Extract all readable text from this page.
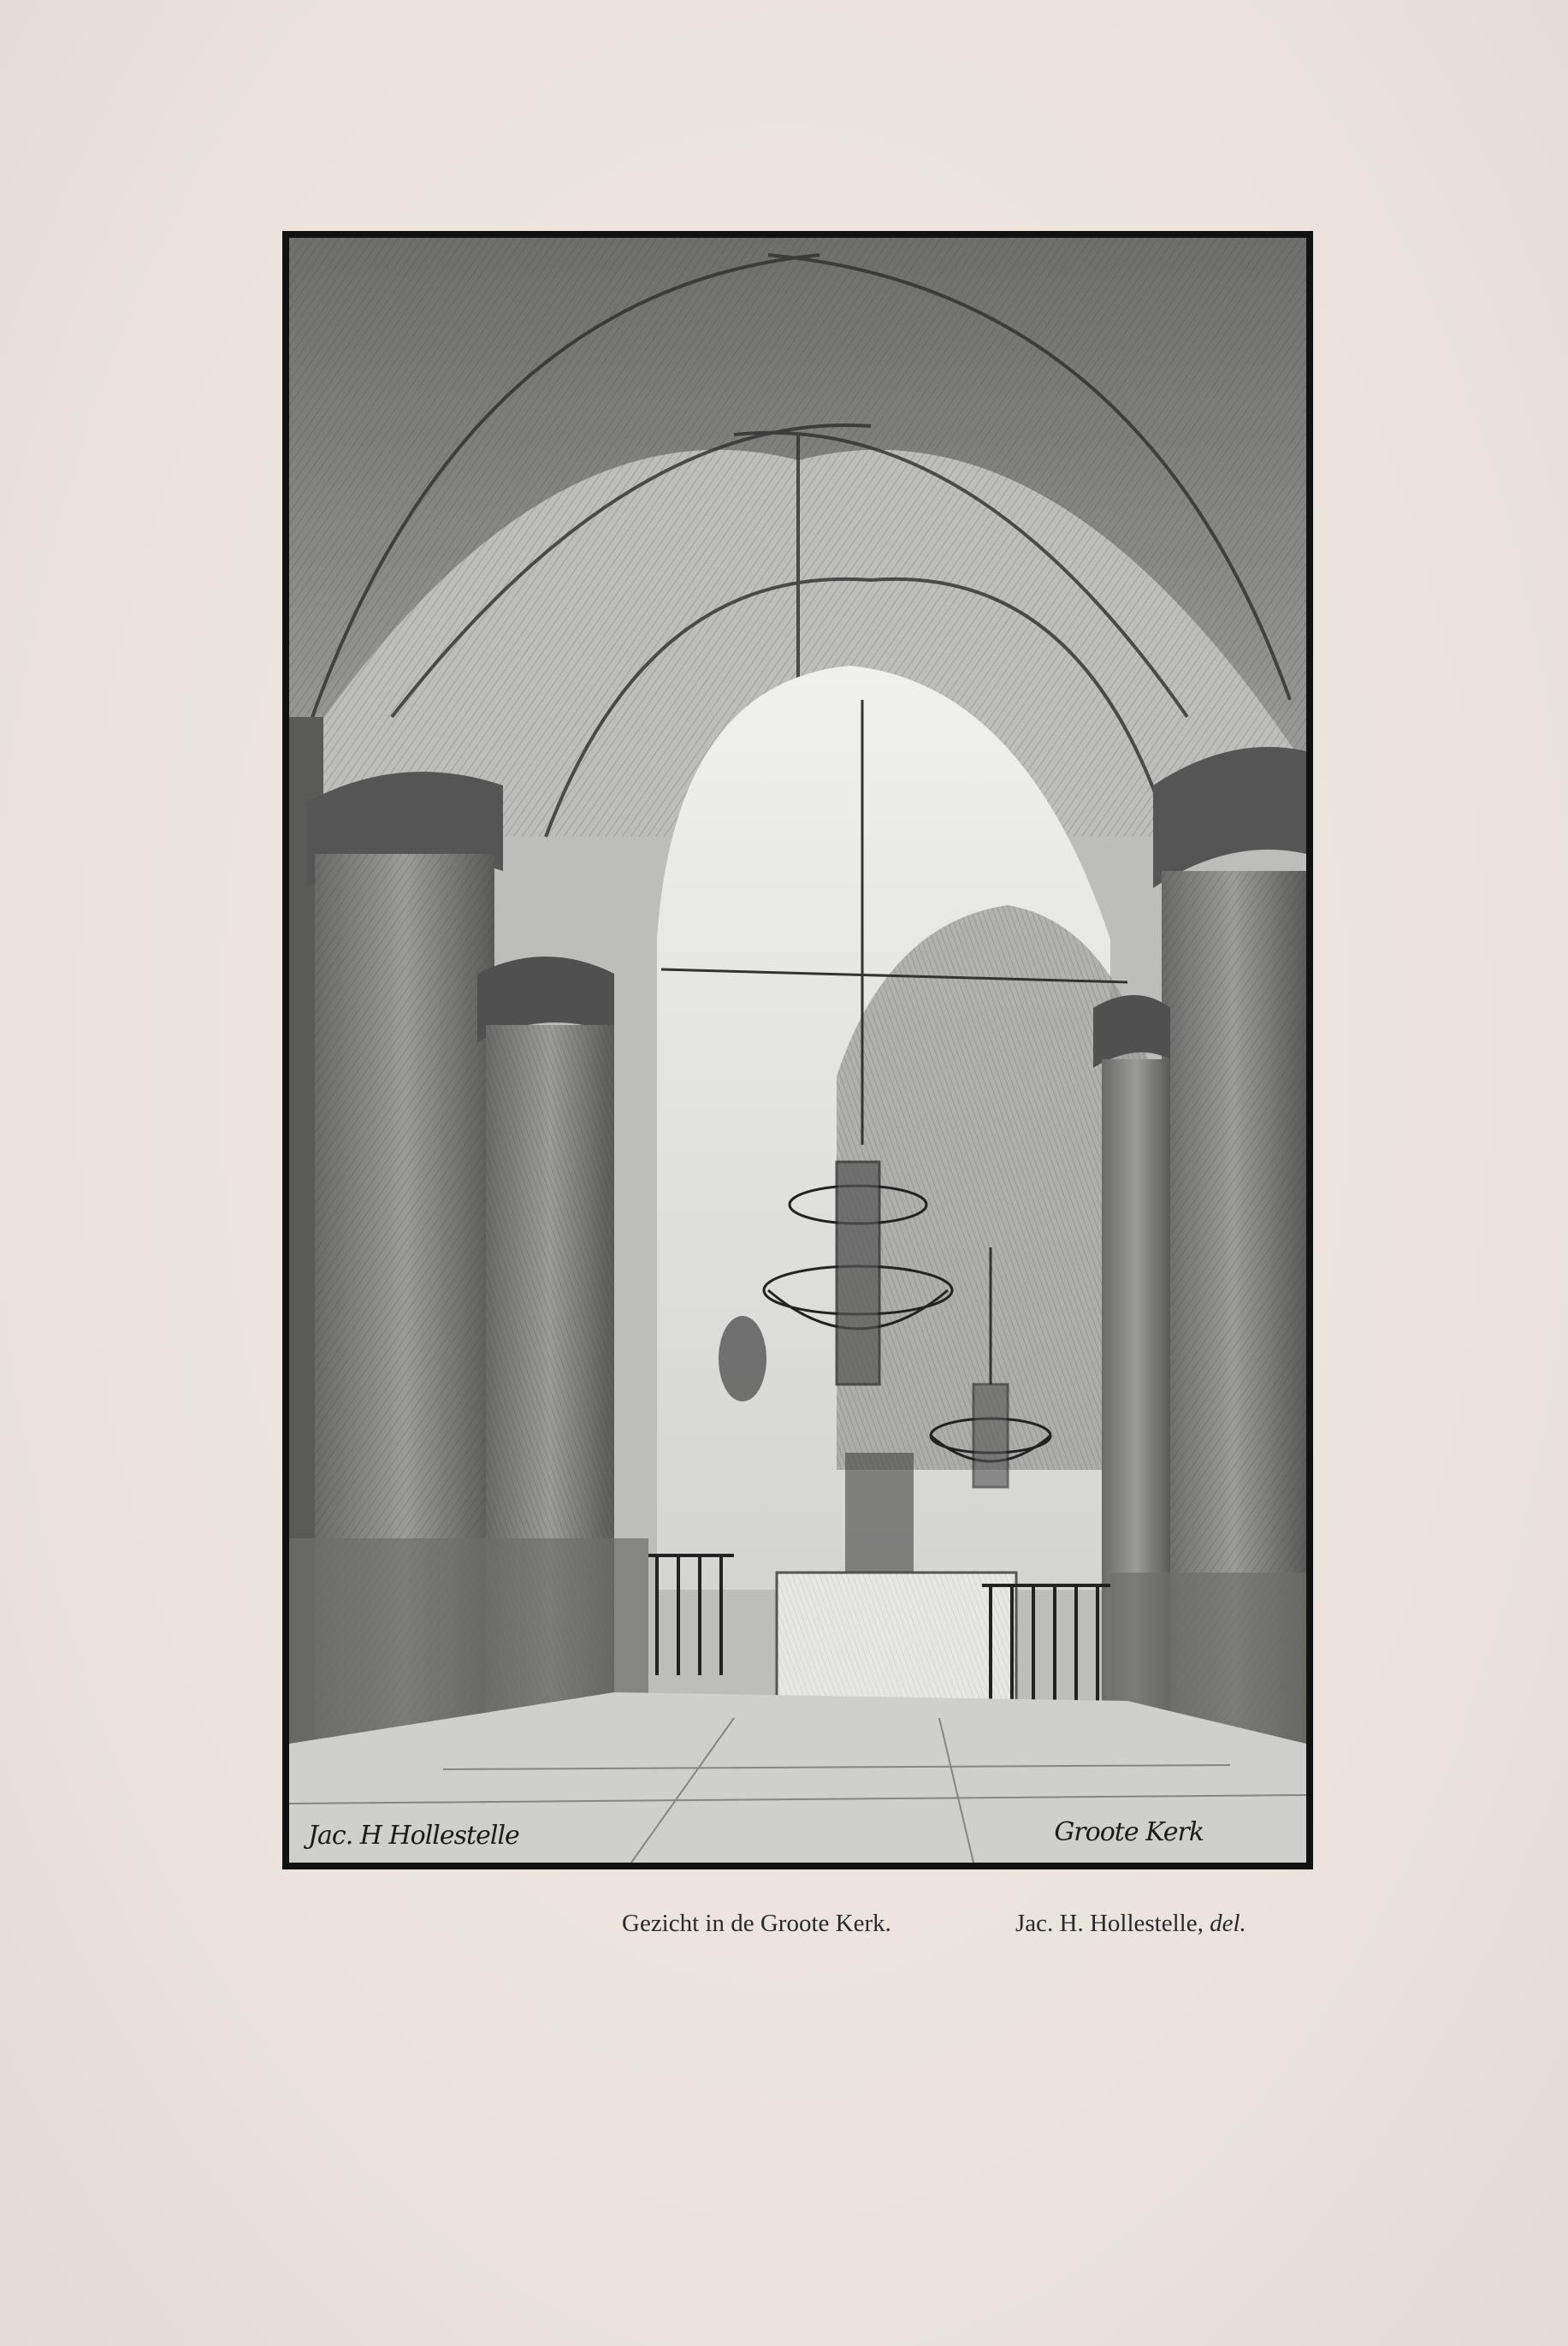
Jac. H Hollestelle	Groote Kerk
Gezicht in de Groote Kerk.	Jac. H. Hollestelle, del.
